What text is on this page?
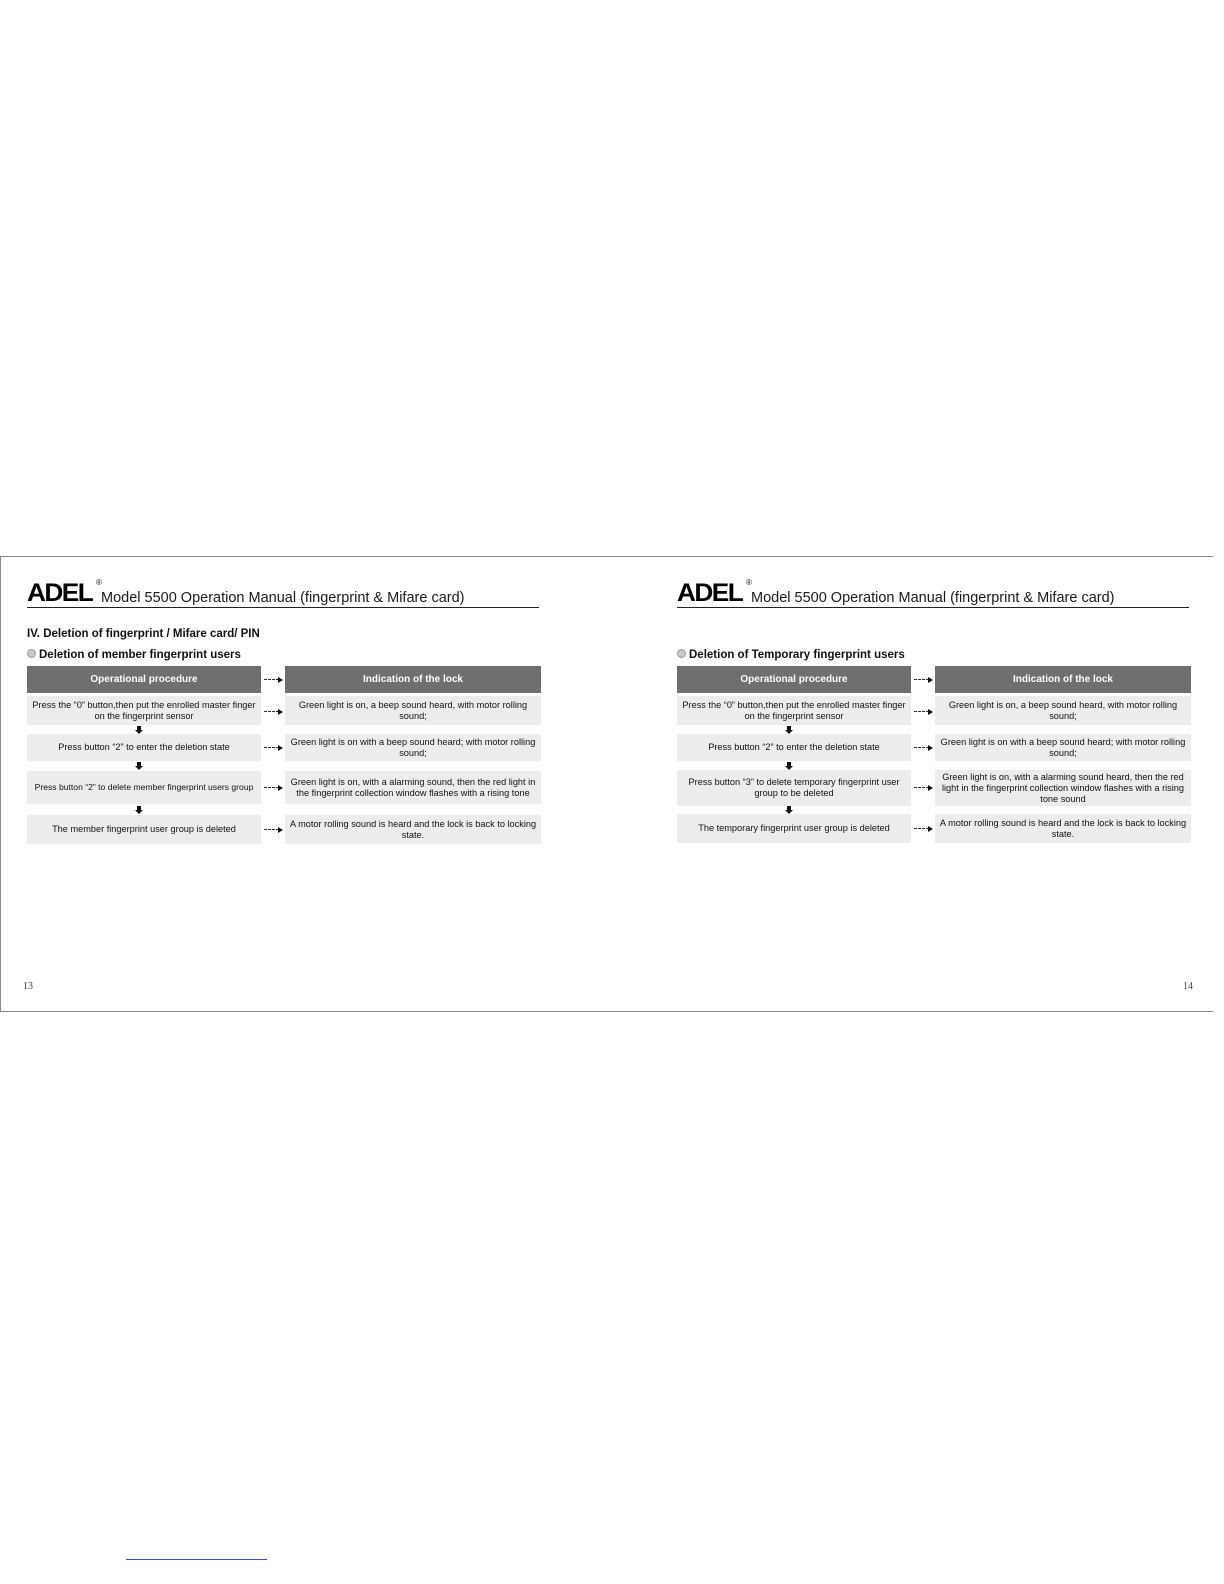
ADEL ®
Model 5500 Operation Manual (fingerprint & Mifare card)
IV. Deletion of fingerprint / Mifare card/ PIN
Deletion of member fingerprint users
Operational procedure	Indication of the lock
Press the “0” button,then put the enrolled master finger on the fingerprint sensor
Green light is on, a beep sound heard, with motor rolling sound;
Press button “2” to enter the deletion state
Green light is on with a beep sound heard; with motor rolling sound;
Press button “2” to delete member fingerprint users group
Green light is on, with a alarming sound, then the red light in the fingerprint collection window flashes with a rising tone
The member fingerprint user group is deleted
A motor rolling sound is heard and the lock is back to locking state.
13
ADEL ®
Model 5500 Operation Manual (fingerprint & Mifare card)
Deletion of Temporary fingerprint users
Operational procedure	Indication of the lock
Press the “0” button,then put the enrolled master finger on the fingerprint sensor
Green light is on, a beep sound heard, with motor rolling sound;
Press button “2” to enter the deletion state
Green light is on with a beep sound heard; with motor rolling sound;
Press button “3” to delete temporary fingerprint user group to be deleted
Green light is on, with a alarming sound heard, then the red light in the fingerprint collection window flashes with a rising tone sound
The temporary fingerprint user group is deleted
A motor rolling sound is heard and the lock is back to locking state.
14
